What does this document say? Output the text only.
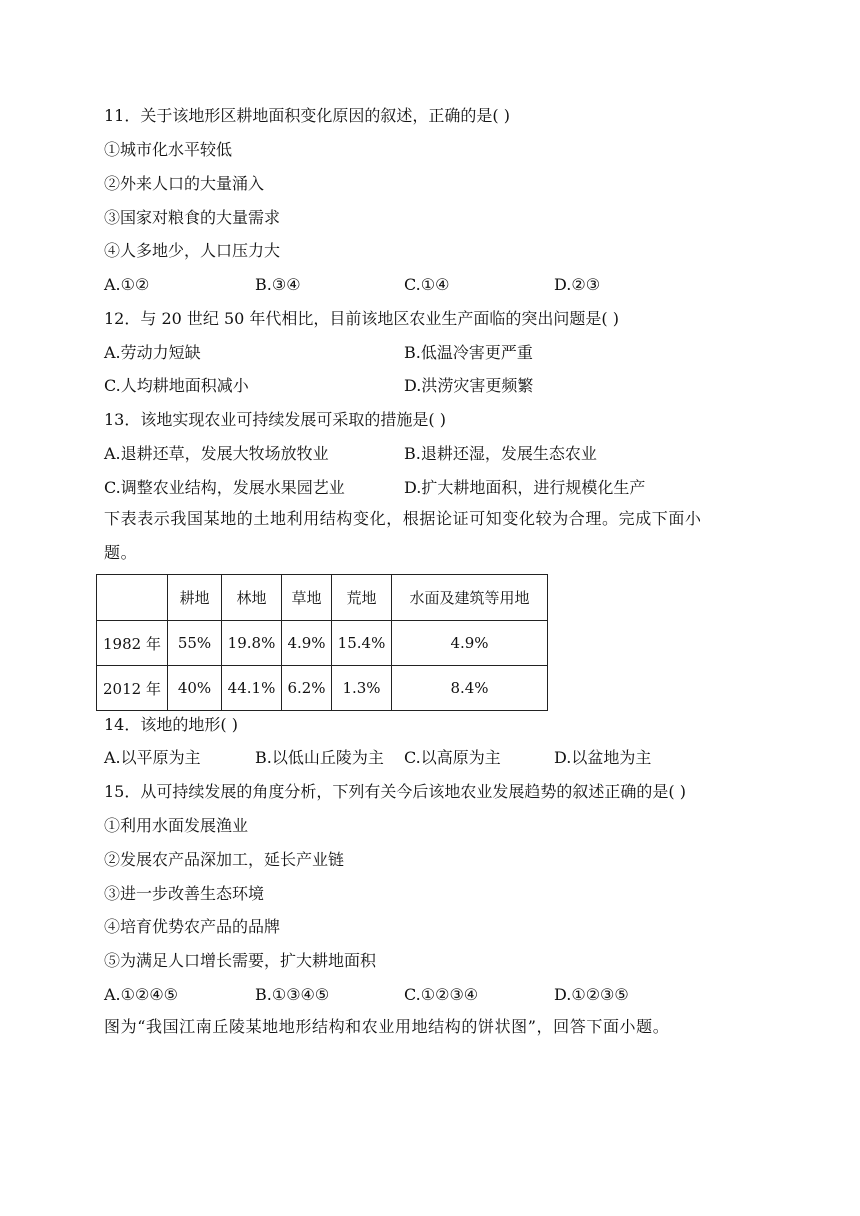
11．关于该地形区耕地面积变化原因的叙述，正确的是( )
①城市化水平较低
②外来人口的大量涌入
③国家对粮食的大量需求
④人多地少，人口压力大
A.①②	B.③④	C.①④	D.②③
12．与 20 世纪 50 年代相比，目前该地区农业生产面临的突出问题是( )
A.劳动力短缺	B.低温冷害更严重
C.人均耕地面积减小	D.洪涝灾害更频繁
13．该地实现农业可持续发展可采取的措施是( )
A.退耕还草，发展大牧场放牧业	B.退耕还湿，发展生态农业
C.调整农业结构，发展水果园艺业	D.扩大耕地面积，进行规模化生产
下表表示我国某地的土地利用结构变化，根据论证可知变化较为合理。完成下面小
题。
	耕地	林地	草地	荒地	水面及建筑等用地
1982 年	55%	19.8%	4.9%	15.4%	4.9%
2012 年	40%	44.1%	6.2%	1.3%	8.4%
14．该地的地形( )
A.以平原为主	B.以低山丘陵为主 C.以高原为主	D.以盆地为主
15．从可持续发展的角度分析，下列有关今后该地农业发展趋势的叙述正确的是( )
①利用水面发展渔业
②发展农产品深加工，延长产业链
③进一步改善生态环境
④培育优势农产品的品牌
⑤为满足人口增长需要，扩大耕地面积
A.①②④⑤	B.①③④⑤	C.①②③④	D.①②③⑤
图为“我国江南丘陵某地地形结构和农业用地结构的饼状图”，回答下面小题。
